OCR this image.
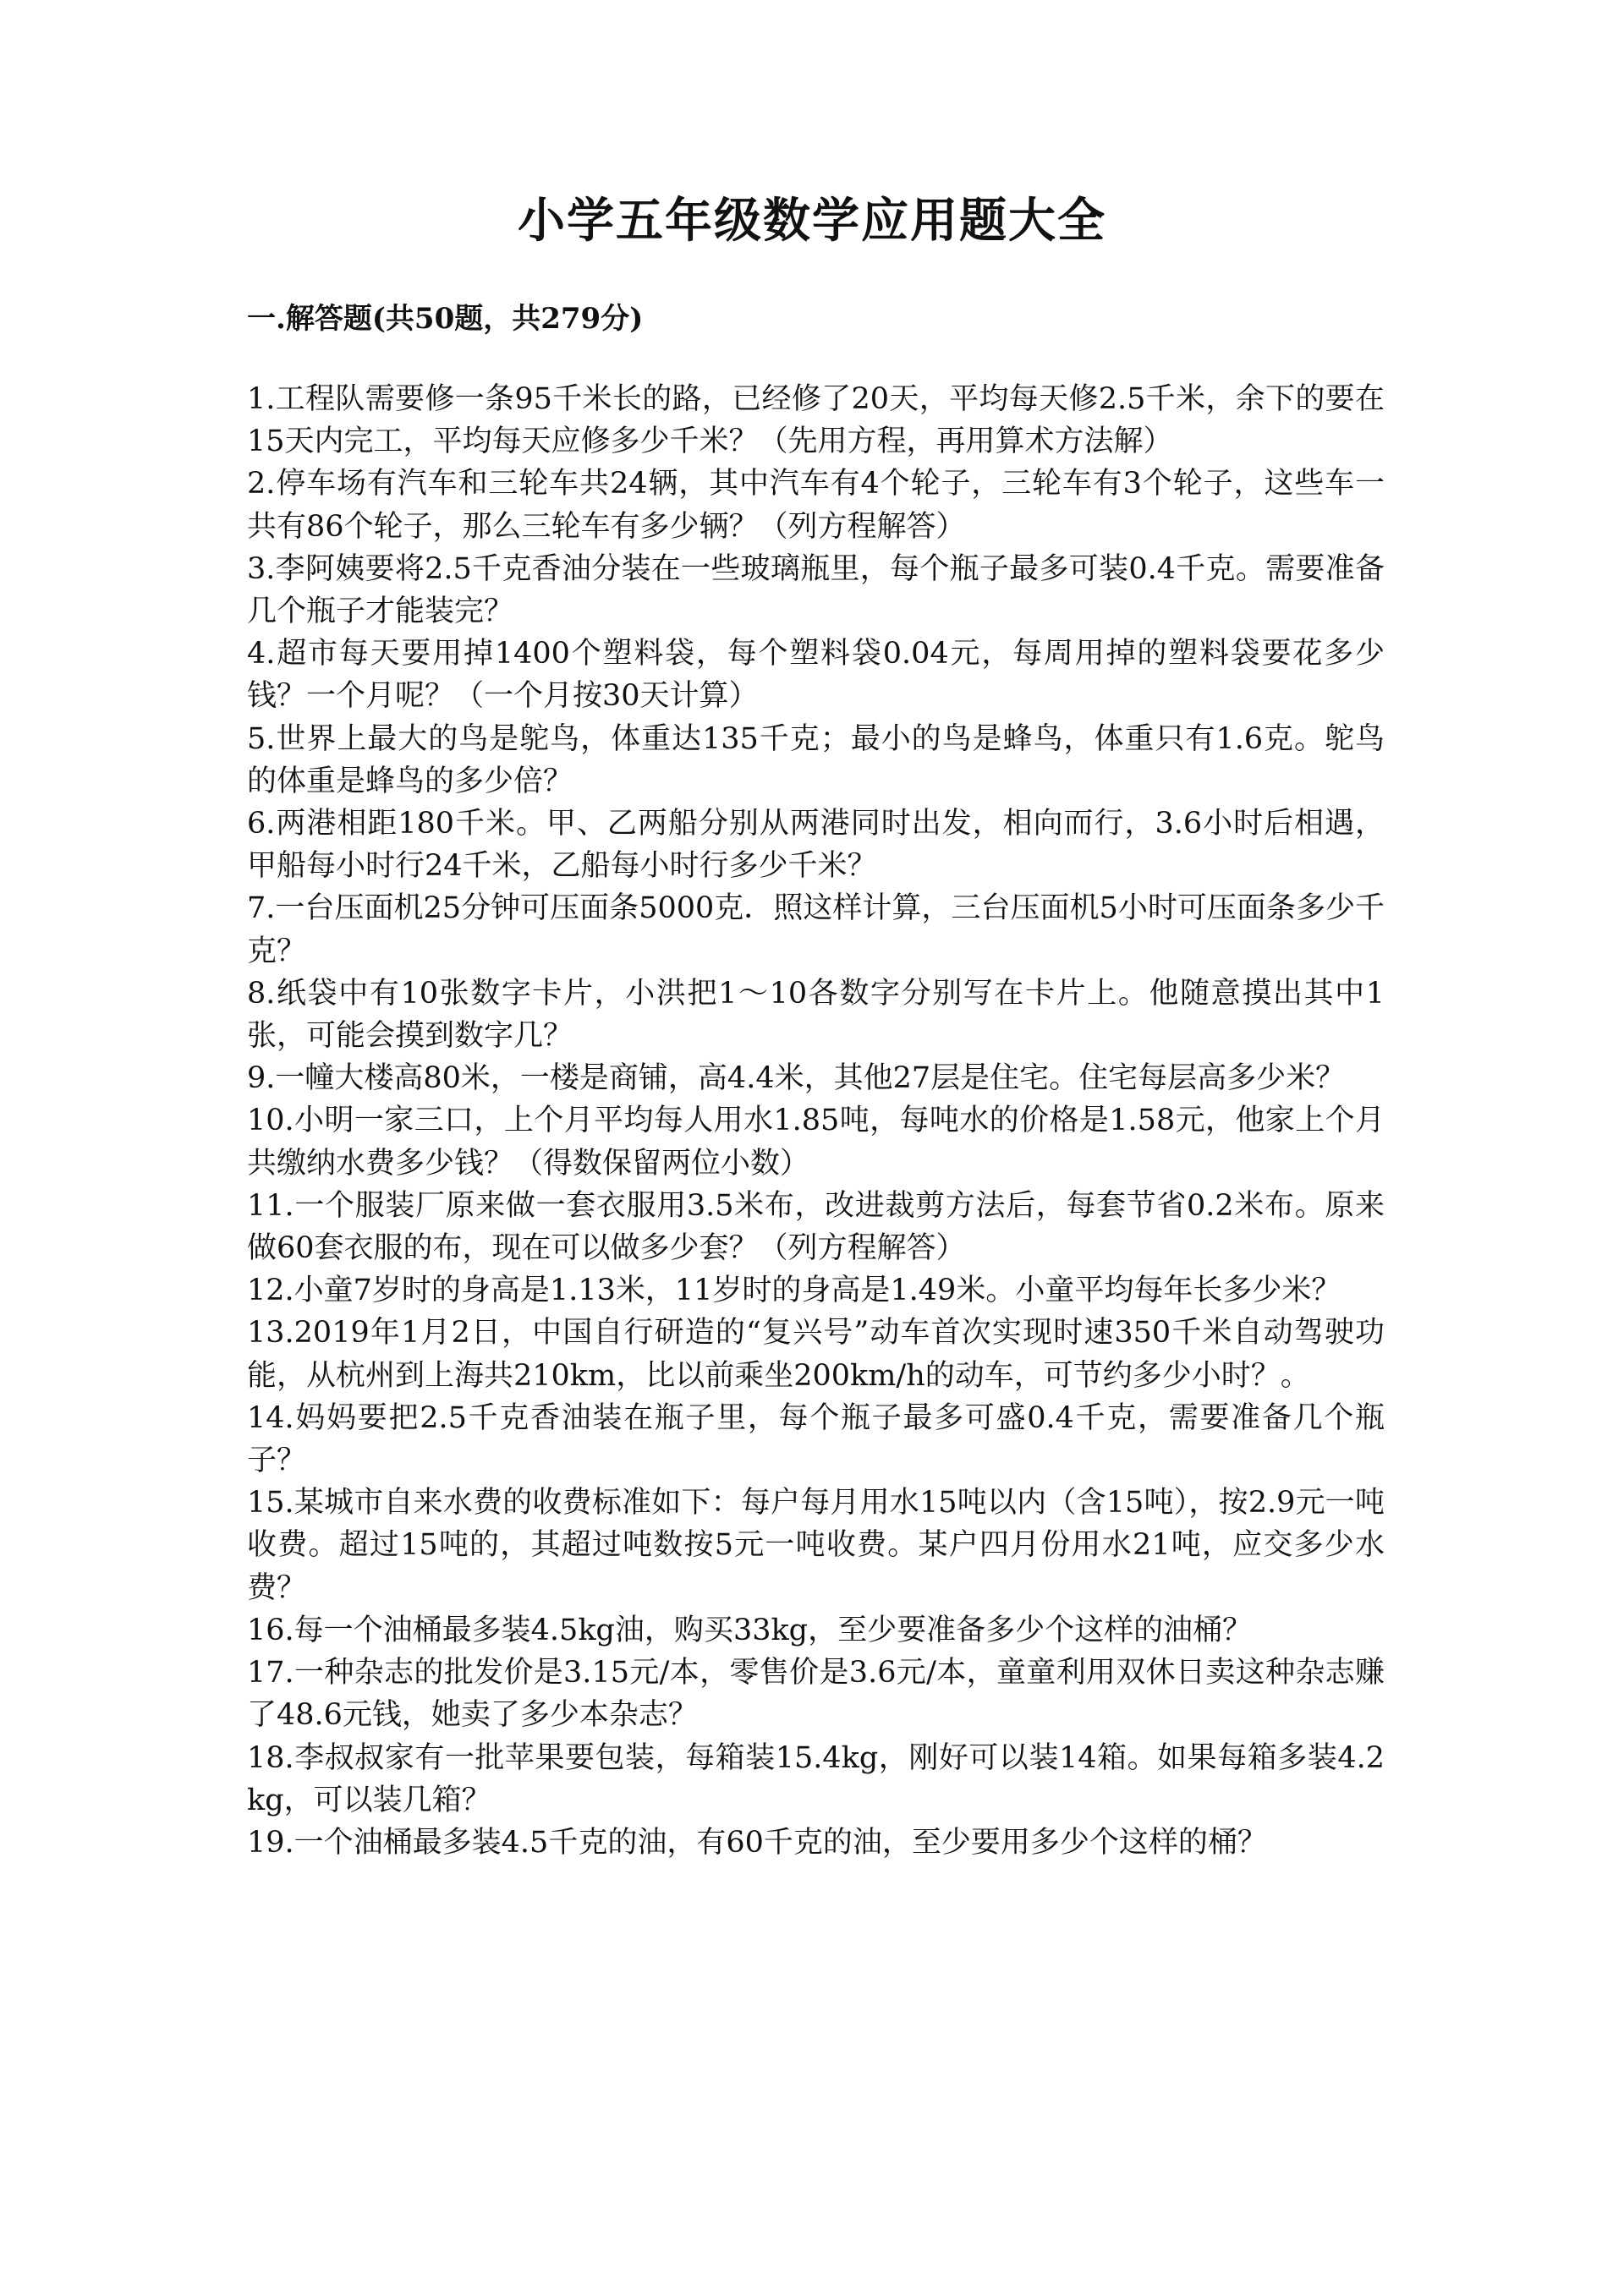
小学五年级数学应用题大全
一.解答题(共50题，共279分)
1.工程队需要修一条95千米长的路，已经修了20天，平均每天修2.5千米，余下的要在15天内完工，平均每天应修多少千米？（先用方程，再用算术方法解）
2.停车场有汽车和三轮车共24辆，其中汽车有4个轮子，三轮车有3个轮子，这些车一共有86个轮子，那么三轮车有多少辆？（列方程解答）
3.李阿姨要将2.5千克香油分装在一些玻璃瓶里，每个瓶子最多可装0.4千克。需要准备几个瓶子才能装完？
4.超市每天要用掉1400个塑料袋，每个塑料袋0.04元，每周用掉的塑料袋要花多少钱？一个月呢？（一个月按30天计算）
5.世界上最大的鸟是鸵鸟，体重达135千克；最小的鸟是蜂鸟，体重只有1.6克。鸵鸟的体重是蜂鸟的多少倍？
6.两港相距180千米。甲、乙两船分别从两港同时出发，相向而行，3.6小时后相遇，甲船每小时行24千米，乙船每小时行多少千米？
7.一台压面机25分钟可压面条5000克．照这样计算，三台压面机5小时可压面条多少千克？
8.纸袋中有10张数字卡片，小洪把1～10各数字分别写在卡片上。他随意摸出其中1张，可能会摸到数字几？
9.一幢大楼高80米，一楼是商铺，高4.4米，其他27层是住宅。住宅每层高多少米？
10.小明一家三口，上个月平均每人用水1.85吨，每吨水的价格是1.58元，他家上个月共缴纳水费多少钱？（得数保留两位小数）
11.一个服装厂原来做一套衣服用3.5米布，改进裁剪方法后，每套节省0.2米布。原来做60套衣服的布，现在可以做多少套？（列方程解答）
12.小童7岁时的身高是1.13米，11岁时的身高是1.49米。小童平均每年长多少米？
13.2019年1月2日，中国自行研造的“复兴号”动车首次实现时速350千米自动驾驶功能，从杭州到上海共210km，比以前乘坐200km/h的动车，可节约多少小时？。
14.妈妈要把2.5千克香油装在瓶子里，每个瓶子最多可盛0.4千克，需要准备几个瓶子？
15.某城市自来水费的收费标准如下：每户每月用水15吨以内（含15吨），按2.9元一吨收费。超过15吨的，其超过吨数按5元一吨收费。某户四月份用水21吨，应交多少水费？
16.每一个油桶最多装4.5kg油，购买33kg，至少要准备多少个这样的油桶？
17.一种杂志的批发价是3.15元/本，零售价是3.6元/本，童童利用双休日卖这种杂志赚了48.6元钱，她卖了多少本杂志？
18.李叔叔家有一批苹果要包装，每箱装15.4kg，刚好可以装14箱。如果每箱多装4.2kg，可以装几箱？
19.一个油桶最多装4.5千克的油，有60千克的油，至少要用多少个这样的桶？
